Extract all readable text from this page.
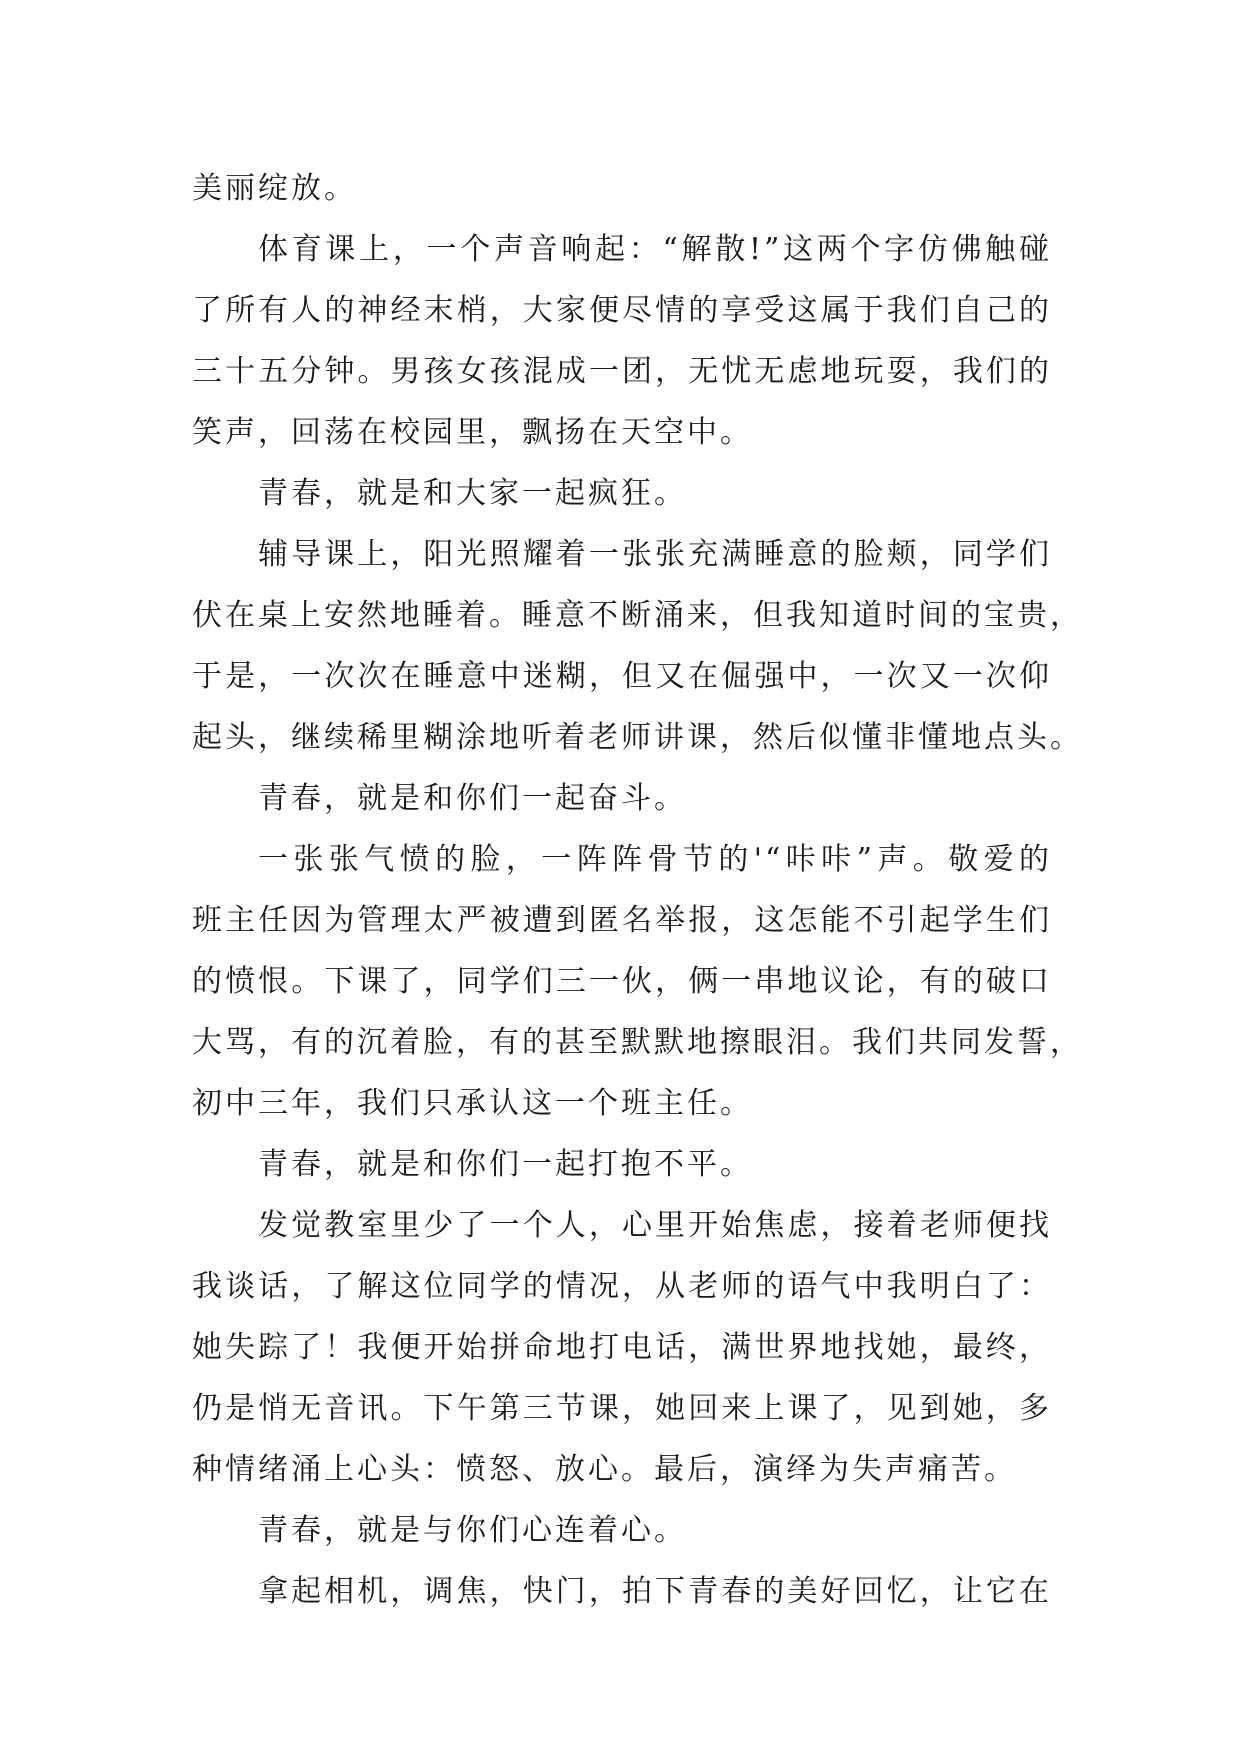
美丽绽放。

体育课上，一个声音响起：“解散!”这两个字仿佛触碰

了所有人的神经末梢，大家便尽情的享受这属于我们自己的

三十五分钟。男孩女孩混成一团，无忧无虑地玩耍，我们的

笑声，回荡在校园里，飘扬在天空中。

青春，就是和大家一起疯狂。

辅导课上，阳光照耀着一张张充满睡意的脸颊，同学们

伏在桌上安然地睡着。睡意不断涌来，但我知道时间的宝贵，

于是，一次次在睡意中迷糊，但又在倔强中，一次又一次仰

起头，继续稀里糊涂地听着老师讲课，然后似懂非懂地点头。

青春，就是和你们一起奋斗。

一张张气愤的脸，一阵阵骨节的'“咔咔”声。敬爱的

班主任因为管理太严被遭到匿名举报，这怎能不引起学生们

的愤恨。下课了，同学们三一伙，俩一串地议论，有的破口

大骂，有的沉着脸，有的甚至默默地擦眼泪。我们共同发誓，

初中三年，我们只承认这一个班主任。

青春，就是和你们一起打抱不平。

发觉教室里少了一个人，心里开始焦虑，接着老师便找

我谈话，了解这位同学的情况，从老师的语气中我明白了：

她失踪了！我便开始拼命地打电话，满世界地找她，最终，

仍是悄无音讯。下午第三节课，她回来上课了，见到她，多

种情绪涌上心头：愤怒、放心。最后，演绎为失声痛苦。

青春，就是与你们心连着心。

拿起相机，调焦，快门，拍下青春的美好回忆，让它在
